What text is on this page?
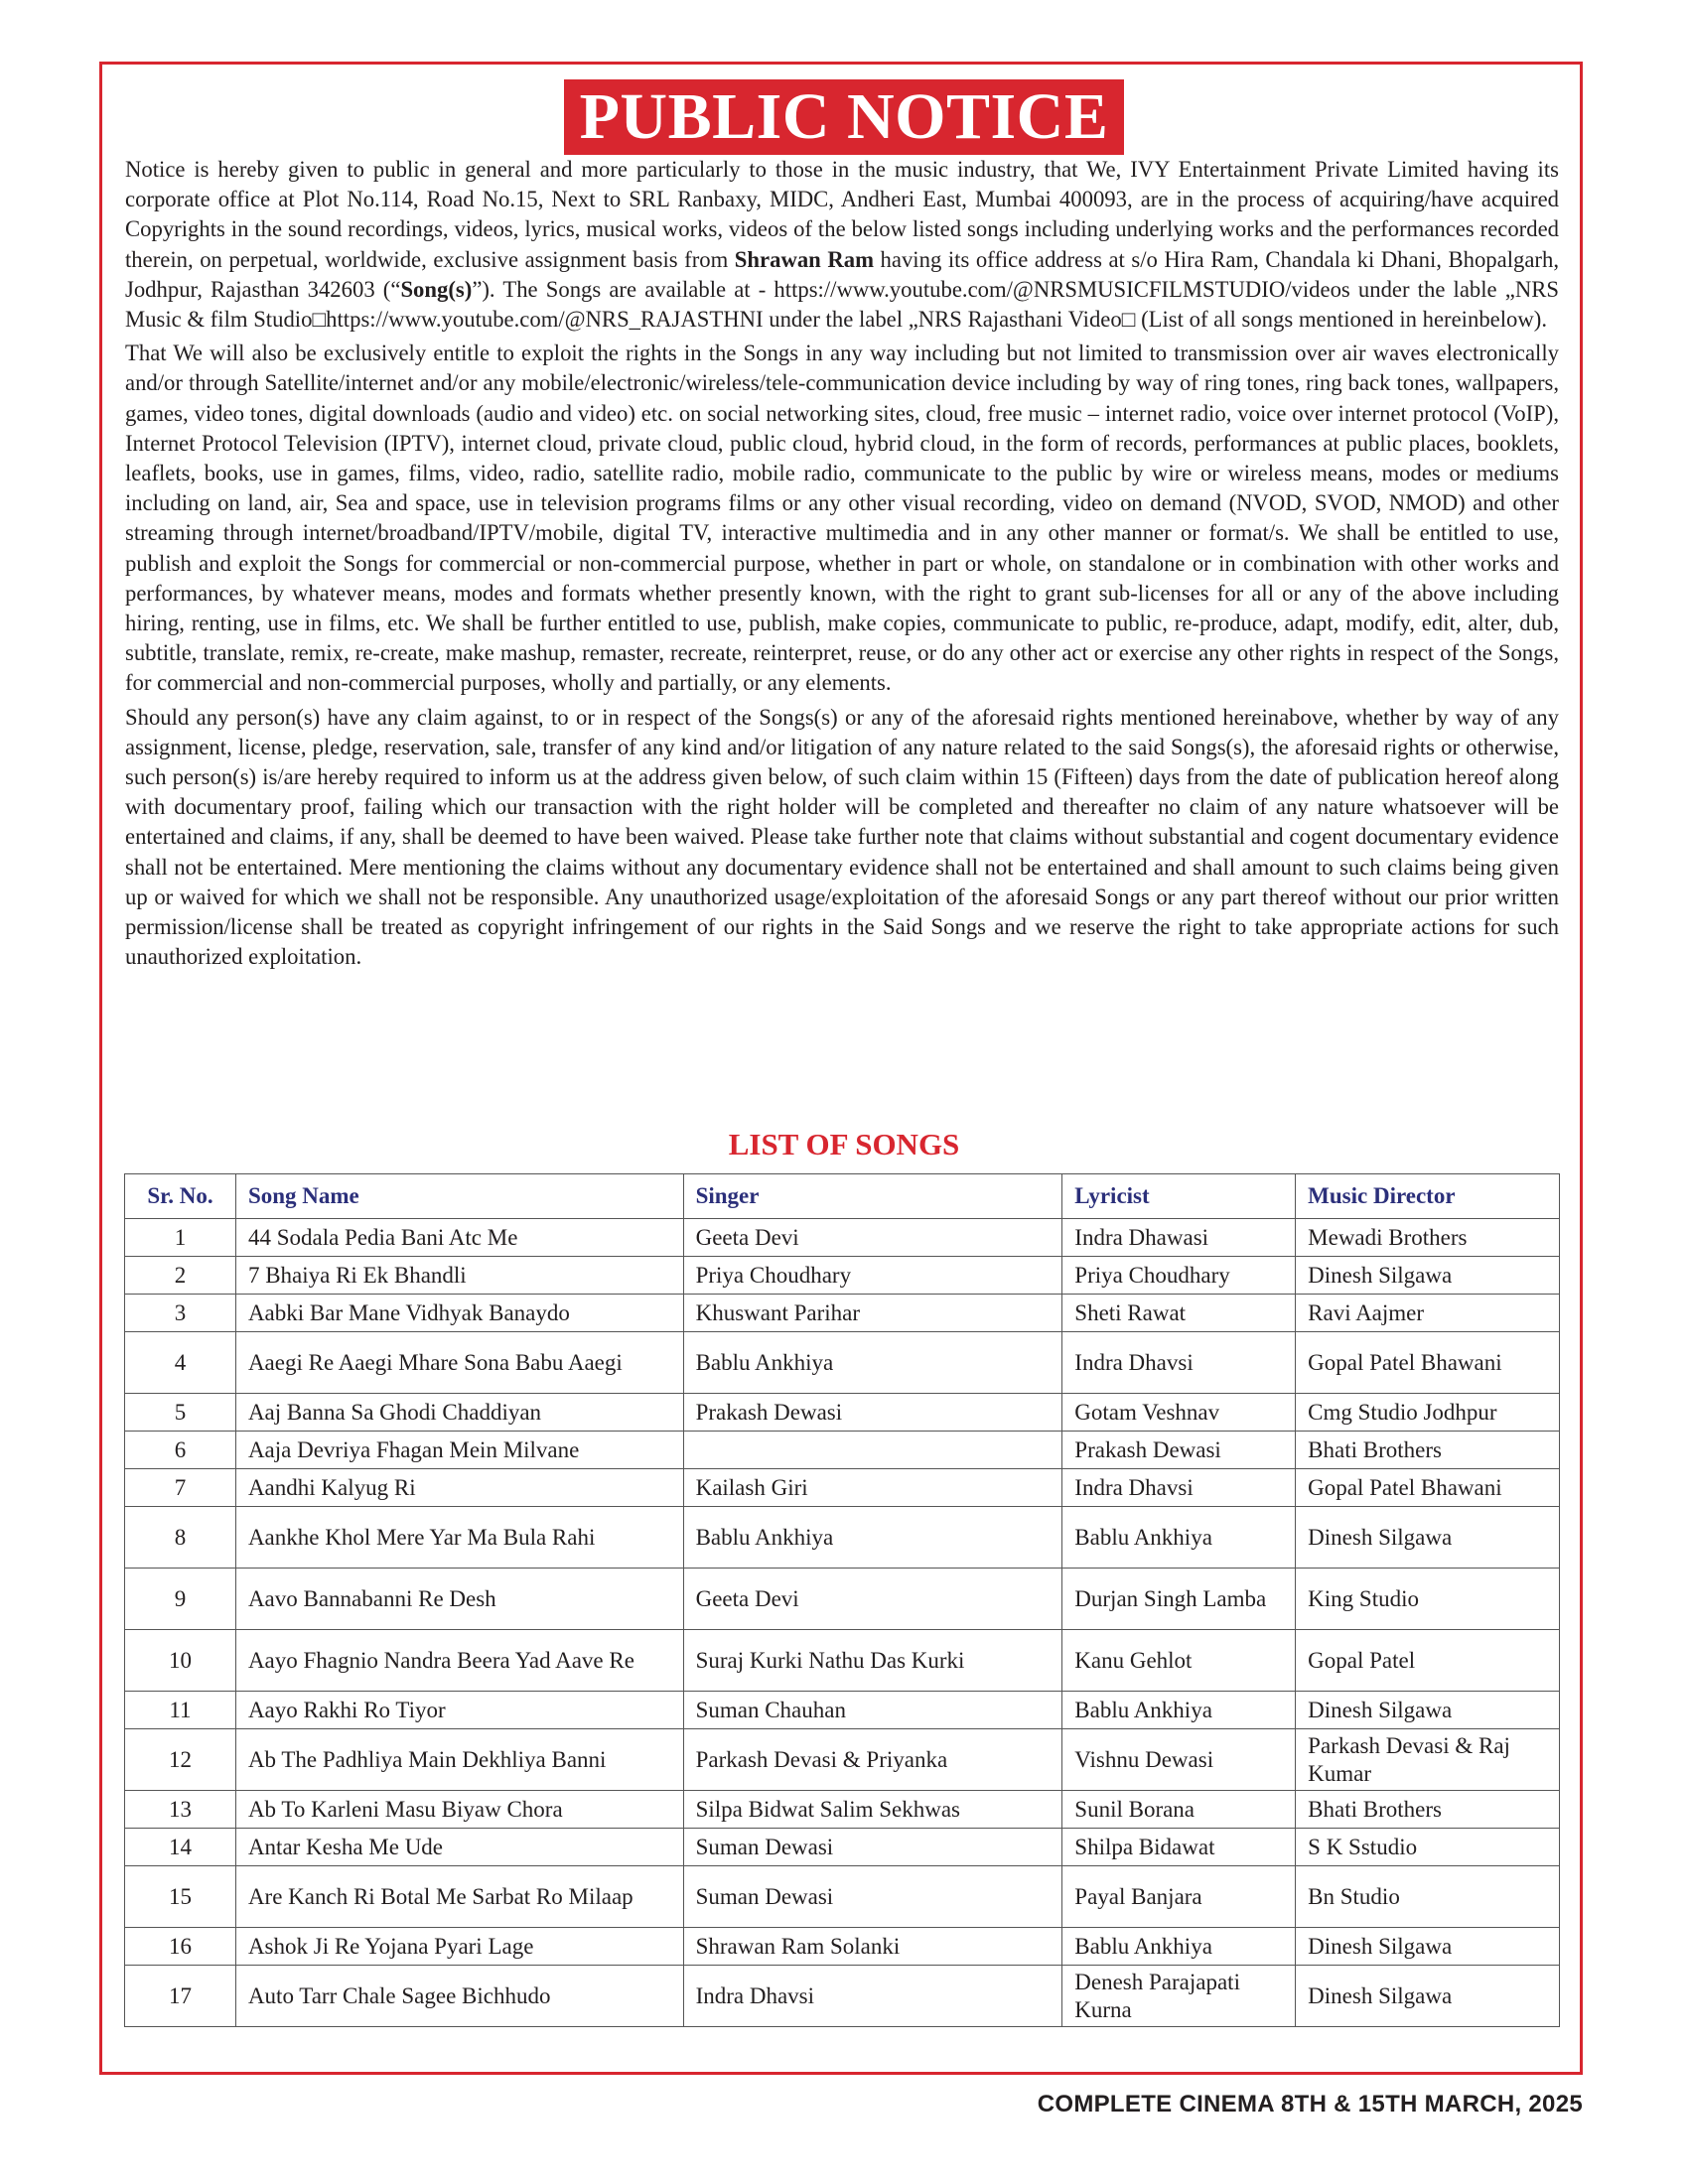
PUBLIC NOTICE

Notice is hereby given to public in general and more particularly to those in the music industry, that We, IVY Entertainment Private Limited having its corporate office at Plot No.114, Road No.15, Next to SRL Ranbaxy, MIDC, Andheri East, Mumbai 400093, are in the process of acquiring/have acquired Copyrights in the sound recordings, videos, lyrics, musical works, videos of the below listed songs including underlying works and the performances recorded therein, on perpetual, worldwide, exclusive assignment basis from Shrawan Ram having its office address at s/o Hira Ram, Chandala ki Dhani, Bhopalgarh, Jodhpur, Rajasthan 342603 (“Song(s)”). The Songs are available at - https://www.youtube.com/@NRSMUSICFILMSTUDIO/videos under the lable „NRS Music & film Studio□https://www.youtube.com/@NRS_RAJASTHNI under the label „NRS Rajasthani Video□ (List of all songs mentioned in hereinbelow).

That We will also be exclusively entitle to exploit the rights in the Songs in any way including but not limited to transmission over air waves electronically and/or through Satellite/internet and/or any mobile/electronic/wireless/tele-communication device including by way of ring tones, ring back tones, wallpapers, games, video tones, digital downloads (audio and video) etc. on social networking sites, cloud, free music – internet radio, voice over internet protocol (VoIP), Internet Protocol Television (IPTV), internet cloud, private cloud, public cloud, hybrid cloud, in the form of records, performances at public places, booklets, leaflets, books, use in games, films, video, radio, satellite radio, mobile radio, communicate to the public by wire or wireless means, modes or mediums including on land, air, Sea and space, use in television programs films or any other visual recording, video on demand (NVOD, SVOD, NMOD) and other streaming through internet/broadband/IPTV/mobile, digital TV, interactive multimedia and in any other manner or format/s. We shall be entitled to use, publish and exploit the Songs for commercial or non-commercial purpose, whether in part or whole, on standalone or in combination with other works and performances, by whatever means, modes and formats whether presently known, with the right to grant sub-licenses for all or any of the above including hiring, renting, use in films, etc. We shall be further entitled to use, publish, make copies, communicate to public, re-produce, adapt, modify, edit, alter, dub, subtitle, translate, remix, re-create, make mashup, remaster, recreate, reinterpret, reuse, or do any other act or exercise any other rights in respect of the Songs, for commercial and non-commercial purposes, wholly and partially, or any elements.

Should any person(s) have any claim against, to or in respect of the Songs(s) or any of the aforesaid rights mentioned hereinabove, whether by way of any assignment, license, pledge, reservation, sale, transfer of any kind and/or litigation of any nature related to the said Songs(s), the aforesaid rights or otherwise, such person(s) is/are hereby required to inform us at the address given below, of such claim within 15 (Fifteen) days from the date of publication hereof along with documentary proof, failing which our transaction with the right holder will be completed and thereafter no claim of any nature whatsoever will be entertained and claims, if any, shall be deemed to have been waived. Please take further note that claims without substantial and cogent documentary evidence shall not be entertained. Mere mentioning the claims without any documentary evidence shall not be entertained and shall amount to such claims being given up or waived for which we shall not be responsible. Any unauthorized usage/exploitation of the aforesaid Songs or any part thereof without our prior written permission/license shall be treated as copyright infringement of our rights in the Said Songs and we reserve the right to take appropriate actions for such unauthorized exploitation.

LIST OF SONGS
Sr. No.	Song Name	Singer	Lyricist	Music Director
1	44 Sodala Pedia Bani Atc Me	Geeta Devi	Indra Dhawasi	Mewadi Brothers
2	7 Bhaiya Ri Ek Bhandli	Priya Choudhary	Priya Choudhary	Dinesh Silgawa
3	Aabki Bar Mane Vidhyak Banaydo	Khuswant Parihar	Sheti Rawat	Ravi Aajmer
4	Aaegi Re Aaegi Mhare Sona Babu Aaegi	Bablu Ankhiya	Indra Dhavsi	Gopal Patel Bhawani
5	Aaj Banna Sa Ghodi Chaddiyan	Prakash Dewasi	Gotam Veshnav	Cmg Studio Jodhpur
6	Aaja Devriya Fhagan Mein Milvane		Prakash Dewasi	Bhati Brothers
7	Aandhi Kalyug Ri	Kailash Giri	Indra Dhavsi	Gopal Patel Bhawani
8	Aankhe Khol Mere Yar Ma Bula Rahi	Bablu Ankhiya	Bablu Ankhiya	Dinesh Silgawa
9	Aavo Bannabanni Re Desh	Geeta Devi	Durjan Singh Lamba	King Studio
10	Aayo Fhagnio Nandra Beera Yad Aave Re	Suraj Kurki Nathu Das Kurki	Kanu Gehlot	Gopal Patel
11	Aayo Rakhi Ro Tiyor	Suman Chauhan	Bablu Ankhiya	Dinesh Silgawa
12	Ab The Padhliya Main Dekhliya Banni	Parkash Devasi & Priyanka	Vishnu Dewasi	Parkash Devasi & Raj Kumar
13	Ab To Karleni Masu Biyaw Chora	Silpa Bidwat Salim Sekhwas	Sunil Borana	Bhati Brothers
14	Antar Kesha Me Ude	Suman Dewasi	Shilpa Bidawat	S K Sstudio
15	Are Kanch Ri Botal Me Sarbat Ro Milaap	Suman Dewasi	Payal Banjara	Bn Studio
16	Ashok Ji Re Yojana Pyari Lage	Shrawan Ram Solanki	Bablu Ankhiya	Dinesh Silgawa
17	Auto Tarr Chale Sagee Bichhudo	Indra Dhavsi	Denesh Parajapati Kurna	Dinesh Silgawa
COMPLETE CINEMA 8TH & 15TH MARCH, 2025
